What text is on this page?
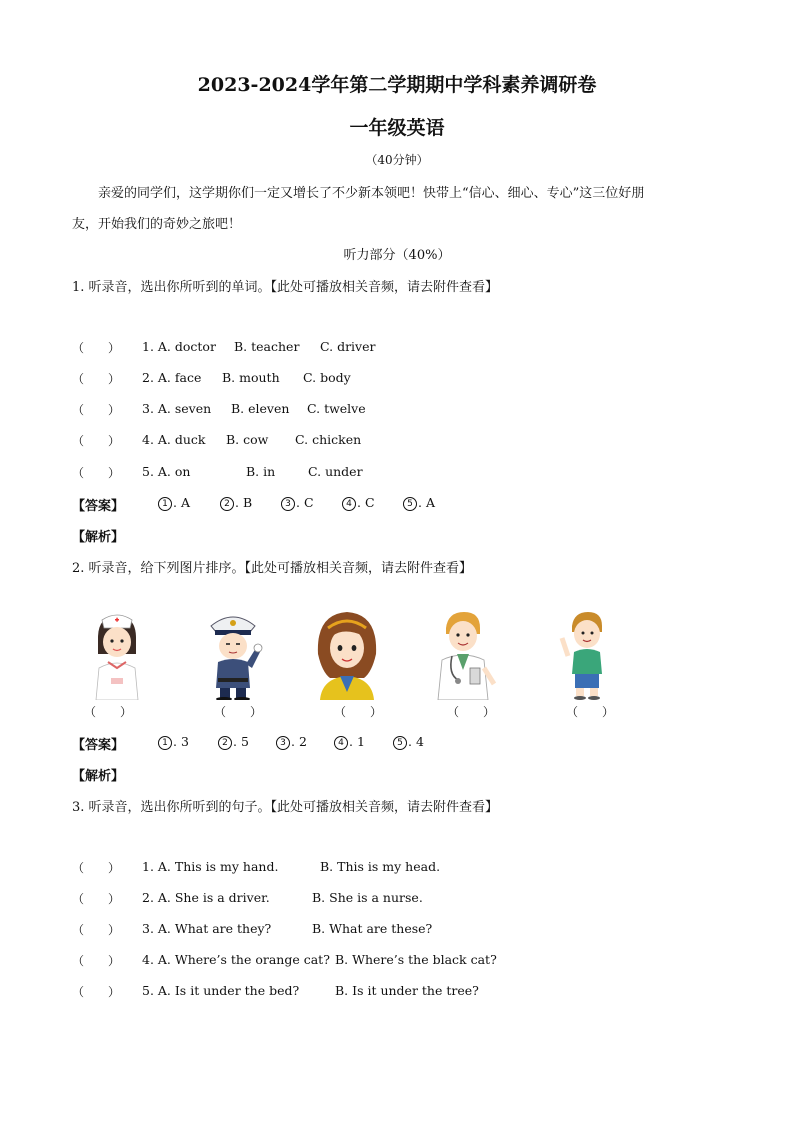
2023-2024学年第二学期期中学科素养调研卷
一年级英语
（40分钟）
亲爱的同学们，这学期你们一定又增长了不少新本领吧！快带上“信心、细心、专心”这三位好朋
友，开始我们的奇妙之旅吧！
听力部分（40%）
1. 听录音，选出你所听到的单词。【此处可播放相关音频，请去附件查看】
（　　） 1. A. doctor B. teacher C. driver
（　　） 2. A. face B. mouth C. body
（　　） 3. A. seven B. eleven C. twelve
（　　） 4. A. duck B. cow C. chicken
（　　） 5. A. on	B. in	C. under
【答案】	1 . A	2 . B	3 . C	4 . C	5 . A
【解析】
2. 听录音，给下列图片排序。【此处可播放相关音频，请去附件查看】
（　　）	（　　）	（　　）	（　　）	（　　）
【答案】	1 . 3	2 . 5	3 . 2	4 . 1	5 . 4
【解析】
3. 听录音，选出你所听到的句子。【此处可播放相关音频，请去附件查看】
（　　） 1. A. This is my hand.	B. This is my head.
（　　） 2. A. She is a driver.	B. She is a nurse.
（　　） 3. A. What are they?	B. What are these?
（　　） 4. A. Where’s the orange cat? B. Where’s the black cat?
（　　） 5. A. Is it under the bed?	B. Is it under the tree?
